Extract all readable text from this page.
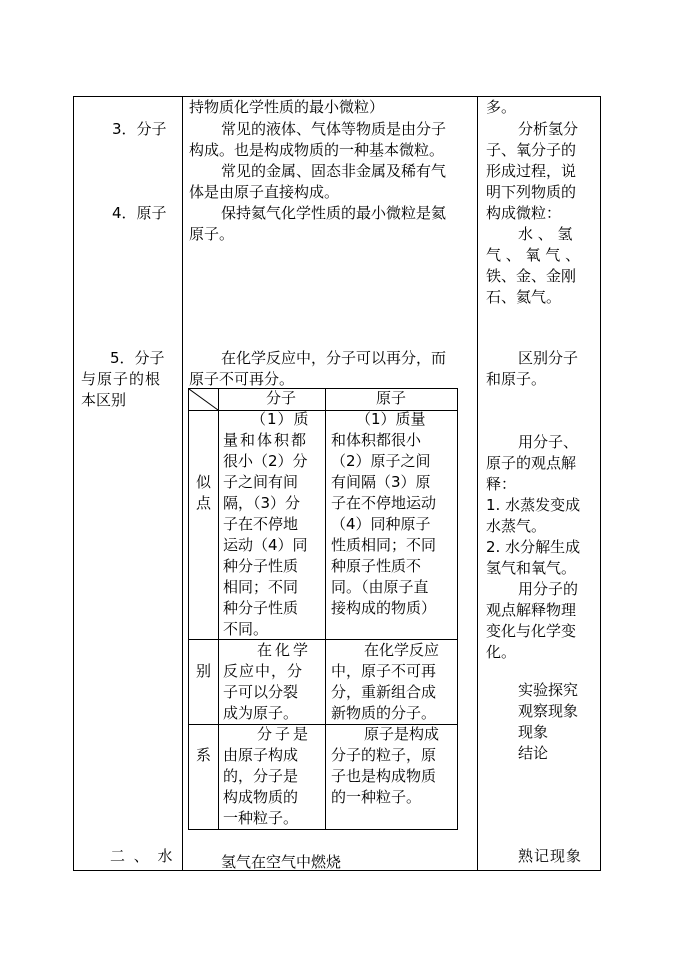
3．分子
4．原子
5．分子
与原子的根
本区别
二 、 水
持物质化学性质的最小微粒）
常见的液体、气体等物质是由分子
构成。也是构成物质的一种基本微粒。
常见的金属、固态非金属及稀有气
体是由原子直接构成。
保持氦气化学性质的最小微粒是氦
原子。
在化学反应中，分子可以再分，而
原子不可再分。
氢气在空气中燃烧
分子	原子
似
点
（1）质
量和体积都
很小（2）分
子之间有间
隔，（3）分
子在不停地
运动（4）同
种分子性质
相同；不同
种分子性质
不同。
（1）质量
和体积都很小
（2）原子之间
有间隔（3）原
子在不停地运动
（4）同种原子
性质相同；不同
种原子性质不
同。（由原子直
接构成的物质）
别
在化学
反应中，分
子可以分裂
成为原子。
在化学反应
中，原子不可再
分，重新组合成
新物质的分子。
系
分子是
由原子构成
的，分子是
构成物质的
一种粒子。
原子是构成
分子的粒子，原
子也是构成物质
的一种粒子。
多。
分析氢分
子、氧分子的
形成过程，说
明下列物质的
构成微粒：
水 、 氢
气 、 氧 气 、
铁、金、金刚
石、氦气。
区别分子
和原子。
用分子、
原子的观点解
释：
1. 水蒸发变成
水蒸气。
2. 水分解生成
氢气和氧气。
用分子的
观点解释物理
变化与化学变
化。
实验探究
观察现象
现象
结论
熟记现象
